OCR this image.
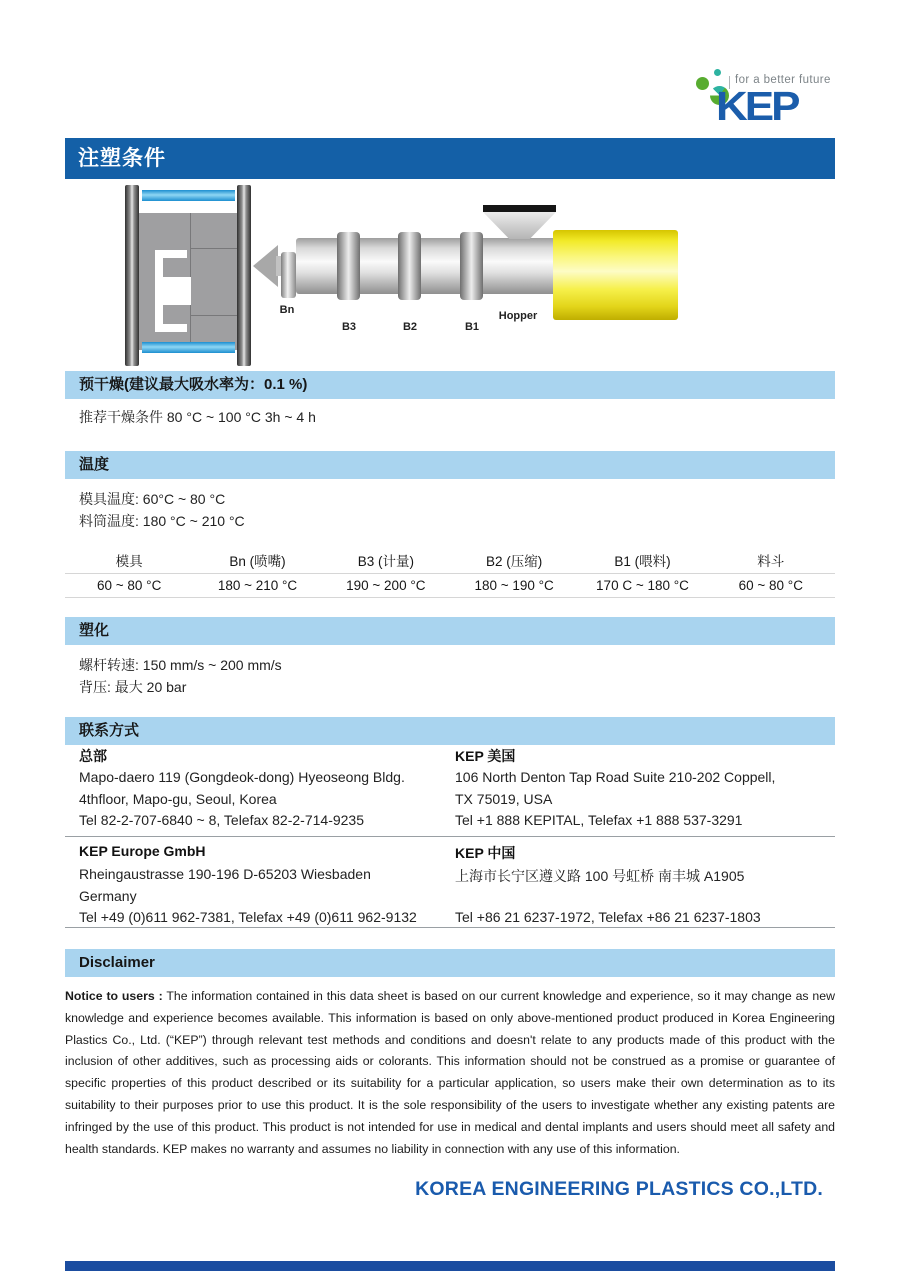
for a better future
KEP
注塑条件
Bn
B3	B2	B1
Hopper
预干燥(建议最大吸水率为：0.1 %)
推荐干燥条件 80 °C ~ 100 °C 3h ~ 4 h
温度
模具温度: 60°C ~ 80 °C
料筒温度: 180 °C ~ 210 °C
模具	Bn (喷嘴)	B3 (计量)	B2 (压缩)	B1 (喂料)	料斗
60 ~ 80 °C	180 ~ 210 °C	190 ~ 200 °C	180 ~ 190 °C	170 C ~ 180 °C	60 ~ 80 °C
塑化
螺杆转速: 150 mm/s ~ 200 mm/s
背压: 最大 20 bar
联系方式
总部
Mapo-daero 119 (Gongdeok-dong) Hyeoseong Bldg.
4thfloor, Mapo-gu, Seoul, Korea
Tel 82-2-707-6840 ~ 8, Telefax 82-2-714-9235
KEP 美国
106 North Denton Tap Road Suite 210-202 Coppell,
TX 75019, USA
Tel +1 888 KEPITAL, Telefax +1 888 537-3291
KEP Europe GmbH
Rheingaustrasse 190-196 D-65203 Wiesbaden
Germany
Tel +49 (0)611 962-7381, Telefax +49 (0)611 962-9132
KEP 中国
上海市长宁区遵义路 100 号虹桥 南丰城 A1905
Tel +86 21 6237-1972, Telefax +86 21 6237-1803
Disclaimer
Notice to users : The information contained in this data sheet is based on our current knowledge and experience, so it may change as new knowledge and experience becomes available. This information is based on only above-mentioned product produced in Korea Engineering Plastics Co., Ltd. (“KEP”) through relevant test methods and conditions and doesn't relate to any products made of this product with the inclusion of other additives, such as processing aids or colorants. This information should not be construed as a promise or guarantee of specific properties of this product described or its suitability for a particular application, so users make their own determination as to its suitability to their purposes prior to use this product. It is the sole responsibility of the users to investigate whether any existing patents are infringed by the use of this product. This product is not intended for use in medical and dental implants and users should meet all safety and health standards. KEP makes no warranty and assumes no liability in connection with any use of this information.
KOREA ENGINEERING PLASTICS CO.,LTD.
